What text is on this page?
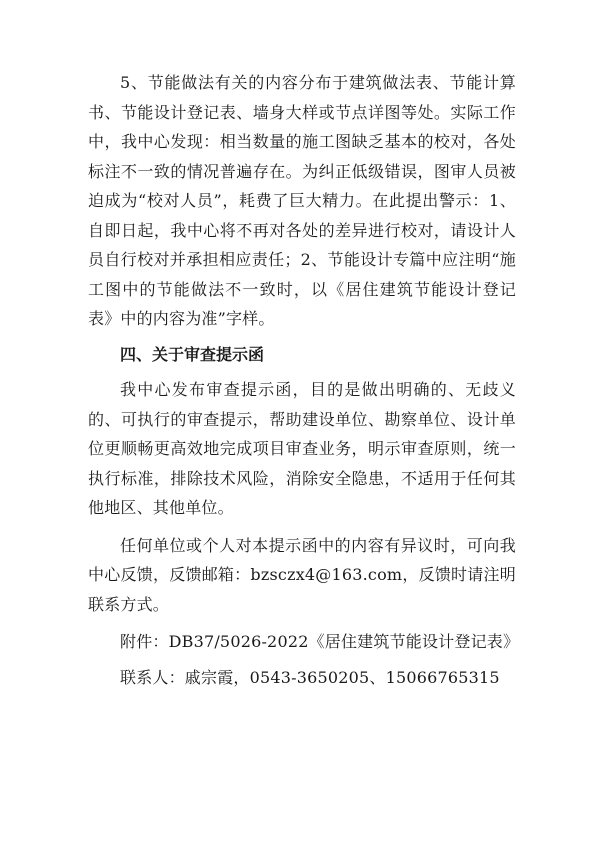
5、节能做法有关的内容分布于建筑做法表、节能计算书、节能设计登记表、墙身大样或节点详图等处。实际工作中，我中心发现：相当数量的施工图缺乏基本的校对，各处标注不一致的情况普遍存在。为纠正低级错误，图审人员被迫成为“校对人员”，耗费了巨大精力。在此提出警示：1、自即日起，我中心将不再对各处的差异进行校对，请设计人员自行校对并承担相应责任；2、节能设计专篇中应注明“施工图中的节能做法不一致时，以《居住建筑节能设计登记表》中的内容为准”字样。

四、关于审查提示函

我中心发布审查提示函，目的是做出明确的、无歧义的、可执行的审查提示，帮助建设单位、勘察单位、设计单位更顺畅更高效地完成项目审查业务，明示审查原则，统一执行标准，排除技术风险，消除安全隐患，不适用于任何其他地区、其他单位。

任何单位或个人对本提示函中的内容有异议时，可向我中心反馈，反馈邮箱：bzsczx4@163.com，反馈时请注明联系方式。

附件：DB37/5026-2022《居住建筑节能设计登记表》

联系人：戚宗霞，0543-3650205、15066765315
